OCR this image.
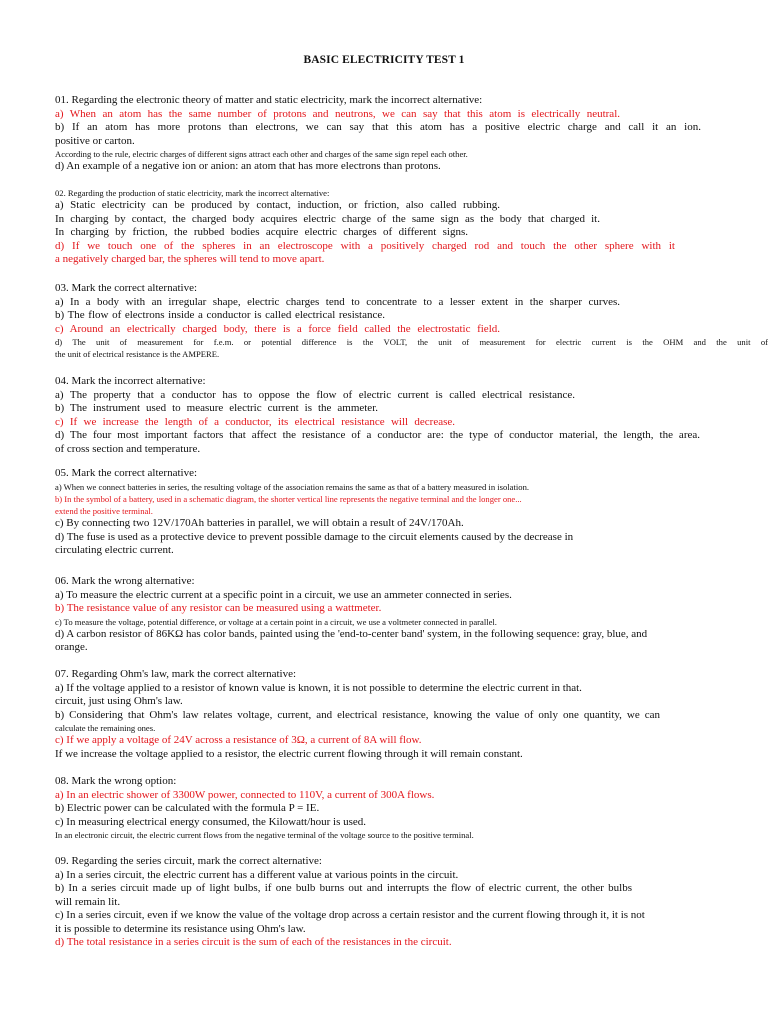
BASIC ELECTRICITY TEST 1
01. Regarding the electronic theory of matter and static electricity, mark the incorrect alternative:
a) When an atom has the same number of protons and neutrons, we can say that this atom is electrically neutral.
b) If an atom has more protons than electrons, we can say that this atom has a positive electric charge and call it an ion.
positive or carton.
According to the rule, electric charges of different signs attract each other and charges of the same sign repel each other.
d) An example of a negative ion or anion: an atom that has more electrons than protons.
02. Regarding the production of static electricity, mark the incorrect alternative:
a) Static electricity can be produced by contact, induction, or friction, also called rubbing.
In charging by contact, the charged body acquires electric charge of the same sign as the body that charged it.
In charging by friction, the rubbed bodies acquire electric charges of different signs.
d) If we touch one of the spheres in an electroscope with a positively charged rod and touch the other sphere with it
a negatively charged bar, the spheres will tend to move apart.
03. Mark the correct alternative:
a) In a body with an irregular shape, electric charges tend to concentrate to a lesser extent in the sharper curves.
b) The flow of electrons inside a conductor is called electrical resistance.
c) Around an electrically charged body, there is a force field called the electrostatic field.
d) The unit of measurement for f.e.m. or potential difference is the VOLT, the unit of measurement for electric current is the OHM and the unit of
the unit of electrical resistance is the AMPERE.
04. Mark the incorrect alternative:
a) The property that a conductor has to oppose the flow of electric current is called electrical resistance.
b) The instrument used to measure electric current is the ammeter.
c) If we increase the length of a conductor, its electrical resistance will decrease.
d) The four most important factors that affect the resistance of a conductor are: the type of conductor material, the length, the area.
of cross section and temperature.
05. Mark the correct alternative:
a) When we connect batteries in series, the resulting voltage of the association remains the same as that of a battery measured in isolation.
b) In the symbol of a battery, used in a schematic diagram, the shorter vertical line represents the negative terminal and the longer one...
extend the positive terminal.
c) By connecting two 12V/170Ah batteries in parallel, we will obtain a result of 24V/170Ah.
d) The fuse is used as a protective device to prevent possible damage to the circuit elements caused by the decrease in
circulating electric current.
06. Mark the wrong alternative:
a) To measure the electric current at a specific point in a circuit, we use an ammeter connected in series.
b) The resistance value of any resistor can be measured using a wattmeter.
c) To measure the voltage, potential difference, or voltage at a certain point in a circuit, we use a voltmeter connected in parallel.
d) A carbon resistor of 86KΩ has color bands, painted using the 'end-to-center band' system, in the following sequence: gray, blue, and
orange.
07. Regarding Ohm's law, mark the correct alternative:
a) If the voltage applied to a resistor of known value is known, it is not possible to determine the electric current in that.
circuit, just using Ohm's law.
b) Considering that Ohm's law relates voltage, current, and electrical resistance, knowing the value of only one quantity, we can
calculate the remaining ones.
c) If we apply a voltage of 24V across a resistance of 3Ω, a current of 8A will flow.
If we increase the voltage applied to a resistor, the electric current flowing through it will remain constant.
08. Mark the wrong option:
a) In an electric shower of 3300W power, connected to 110V, a current of 300A flows.
b) Electric power can be calculated with the formula P = IE.
c) In measuring electrical energy consumed, the Kilowatt/hour is used.
In an electronic circuit, the electric current flows from the negative terminal of the voltage source to the positive terminal.
09. Regarding the series circuit, mark the correct alternative:
a) In a series circuit, the electric current has a different value at various points in the circuit.
b) In a series circuit made up of light bulbs, if one bulb burns out and interrupts the flow of electric current, the other bulbs
will remain lit.
c) In a series circuit, even if we know the value of the voltage drop across a certain resistor and the current flowing through it, it is not
it is possible to determine its resistance using Ohm's law.
d) The total resistance in a series circuit is the sum of each of the resistances in the circuit.
